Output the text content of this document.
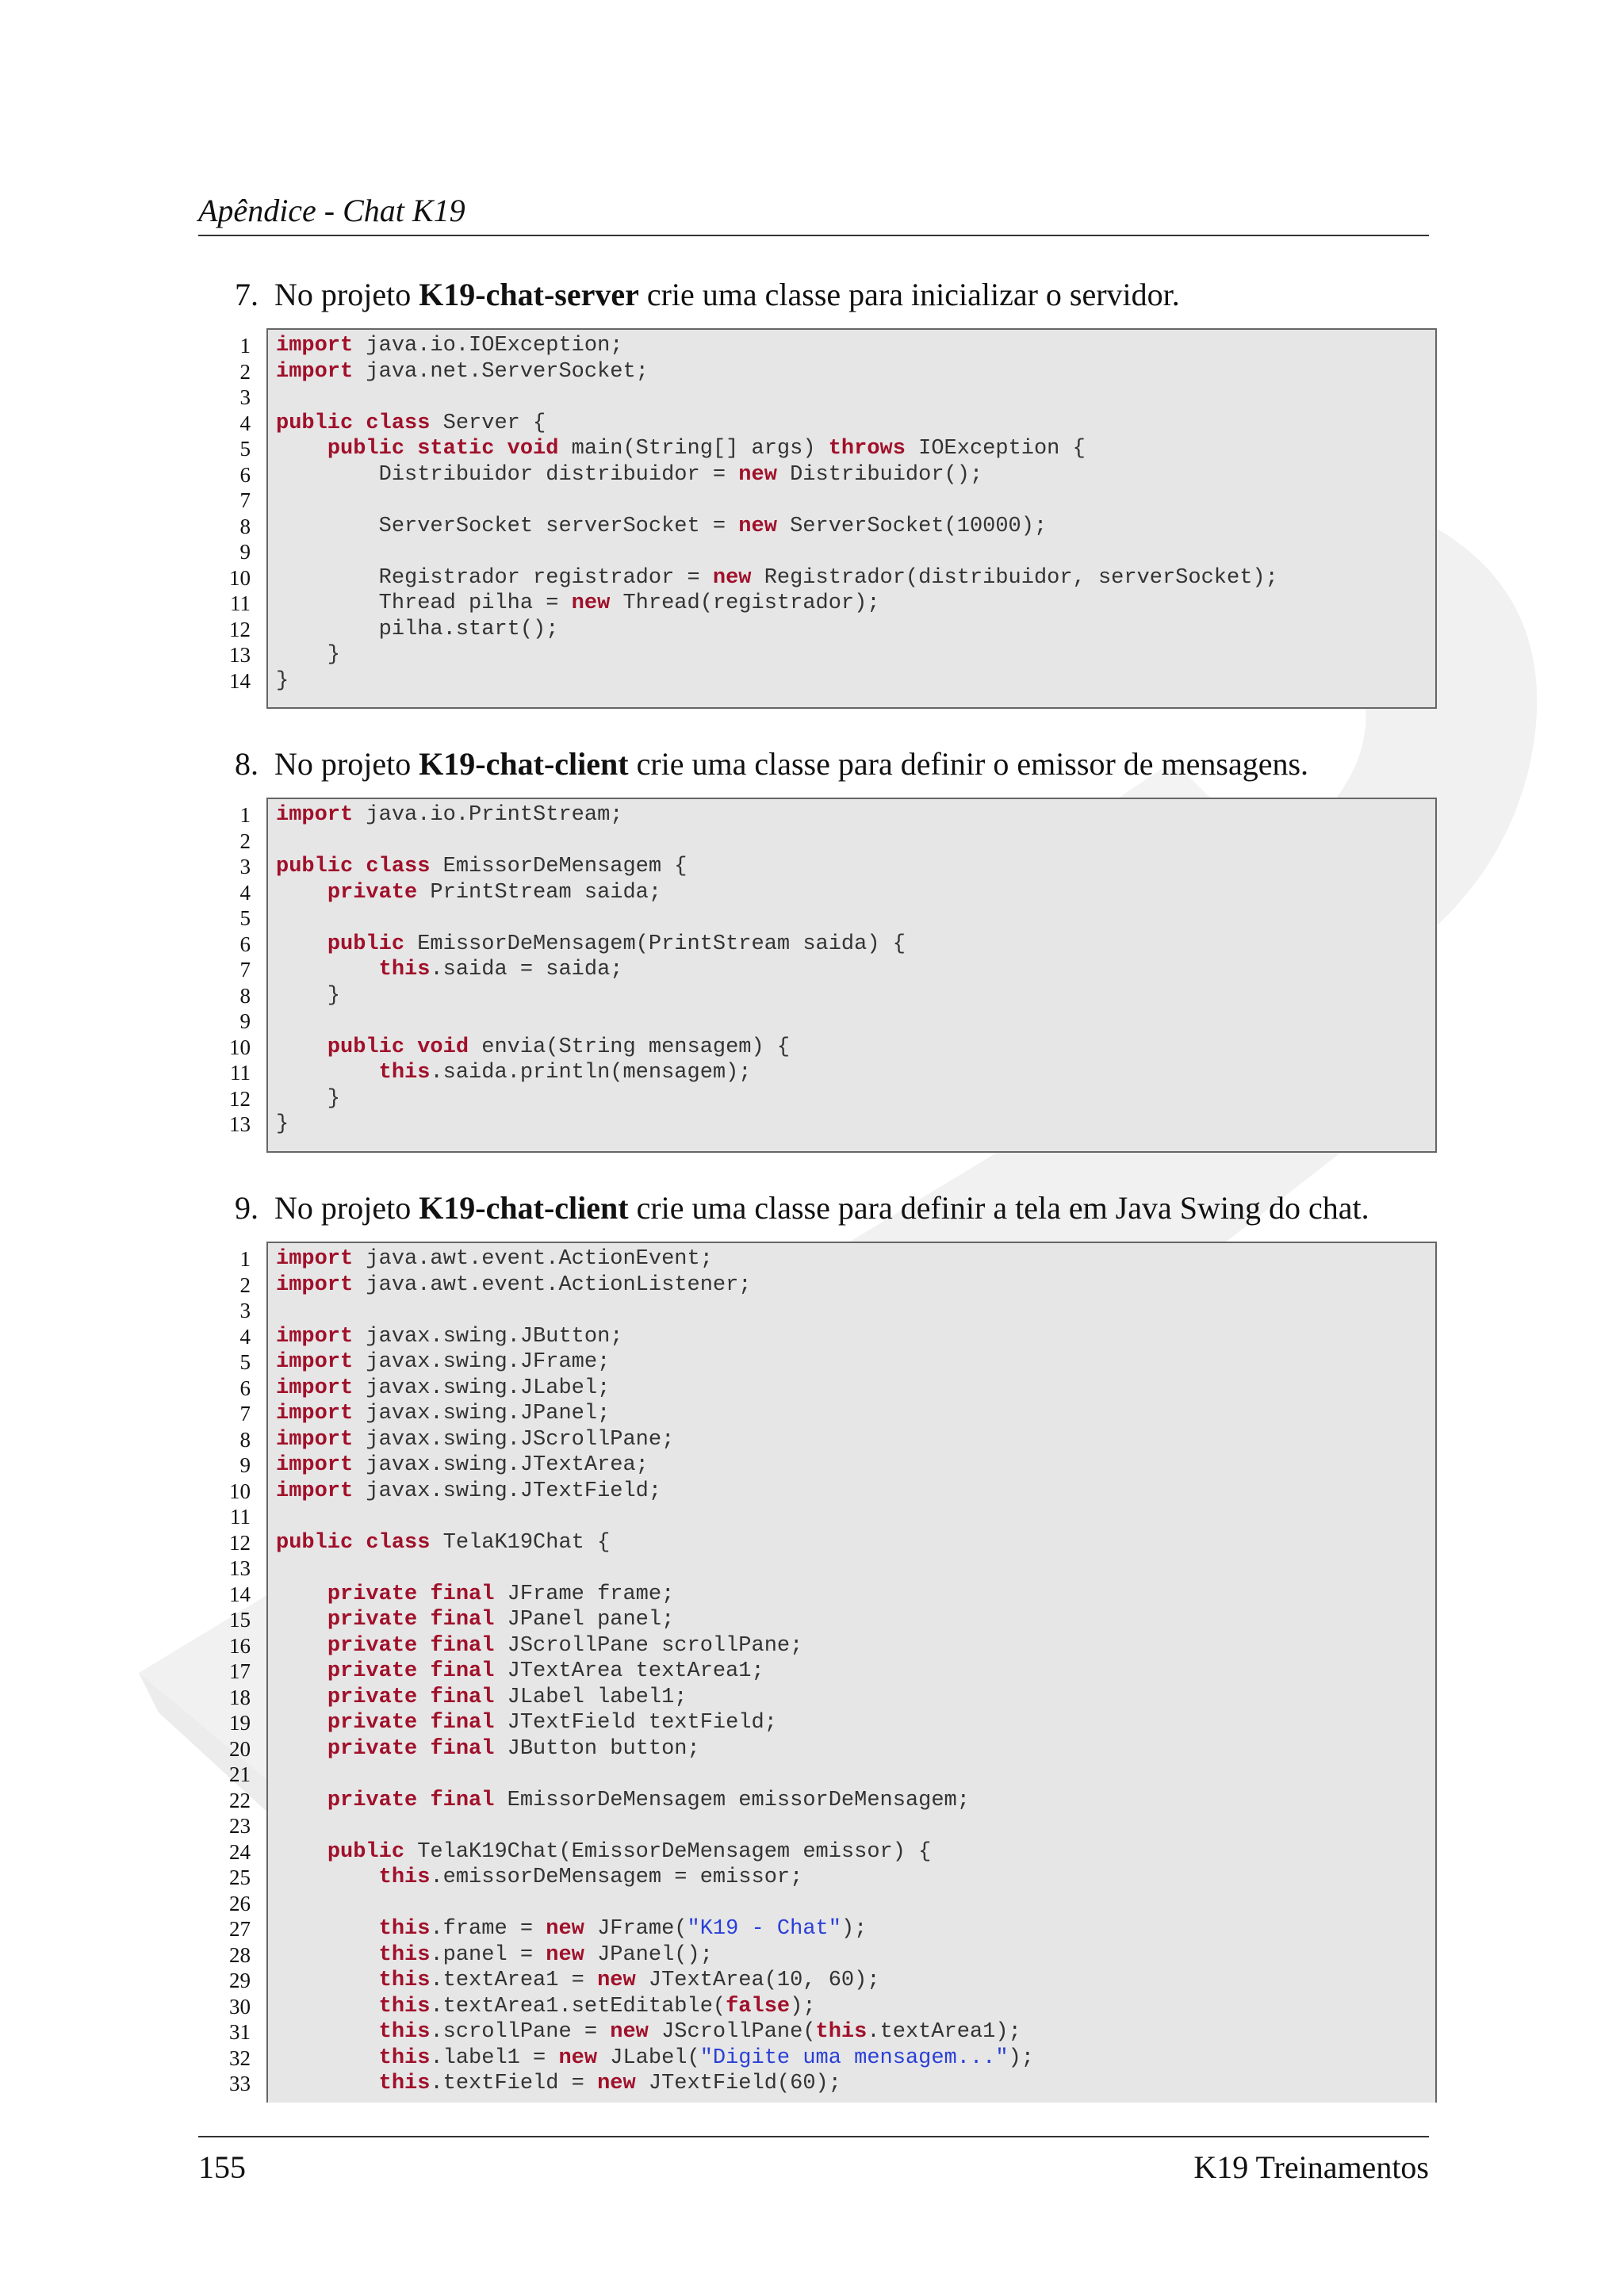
Apêndice - Chat K19
7. No projeto K19-chat-server crie uma classe para inicializar o servidor.
1 import java.io.IOException;
2 import java.net.ServerSocket;
3
4 public class Server {
5	public static void main(String[] args) throws IOException {
6 Distribuidor distribuidor = new Distribuidor();
7
8 ServerSocket serverSocket = new ServerSocket(10000);
9
10 Registrador registrador = new Registrador(distribuidor, serverSocket);
11 Thread pilha = new Thread(registrador);
12 pilha.start();
13 }
14 }
8. No projeto K19-chat-client crie uma classe para definir o emissor de mensagens.
1 import java.io.PrintStream;
2
3 public class EmissorDeMensagem {
4	private PrintStream saida;
5
6	public EmissorDeMensagem(PrintStream saida) {
7	this.saida = saida;
8 }
9
10	public void envia(String mensagem) {
11	this.saida.println(mensagem);
12 }
13 }
9. No projeto K19-chat-client crie uma classe para definir a tela em Java Swing do chat.
1 import java.awt.event.ActionEvent;
2 import java.awt.event.ActionListener;
3
4 import javax.swing.JButton;
5 import javax.swing.JFrame;
6 import javax.swing.JLabel;
7 import javax.swing.JPanel;
8 import javax.swing.JScrollPane;
9 import javax.swing.JTextArea;
10 import javax.swing.JTextField;
11
12 public class TelaK19Chat {
13
14	private final JFrame frame;
15	private final JPanel panel;
16	private final JScrollPane scrollPane;
17	private final JTextArea textArea1;
18	private final JLabel label1;
19	private final JTextField textField;
20	private final JButton button;
21
22	private final EmissorDeMensagem emissorDeMensagem;
23
24	public TelaK19Chat(EmissorDeMensagem emissor) {
25	this.emissorDeMensagem = emissor;
26
27	this.frame = new JFrame("K19 - Chat");
28	this.panel = new JPanel();
29	this.textArea1 = new JTextArea(10, 60);
30	this.textArea1.setEditable(false);
31	this.scrollPane = new JScrollPane(this.textArea1);
32	this.label1 = new JLabel("Digite uma mensagem...");
33	this.textField = new JTextField(60);
155	K19 Treinamentos
